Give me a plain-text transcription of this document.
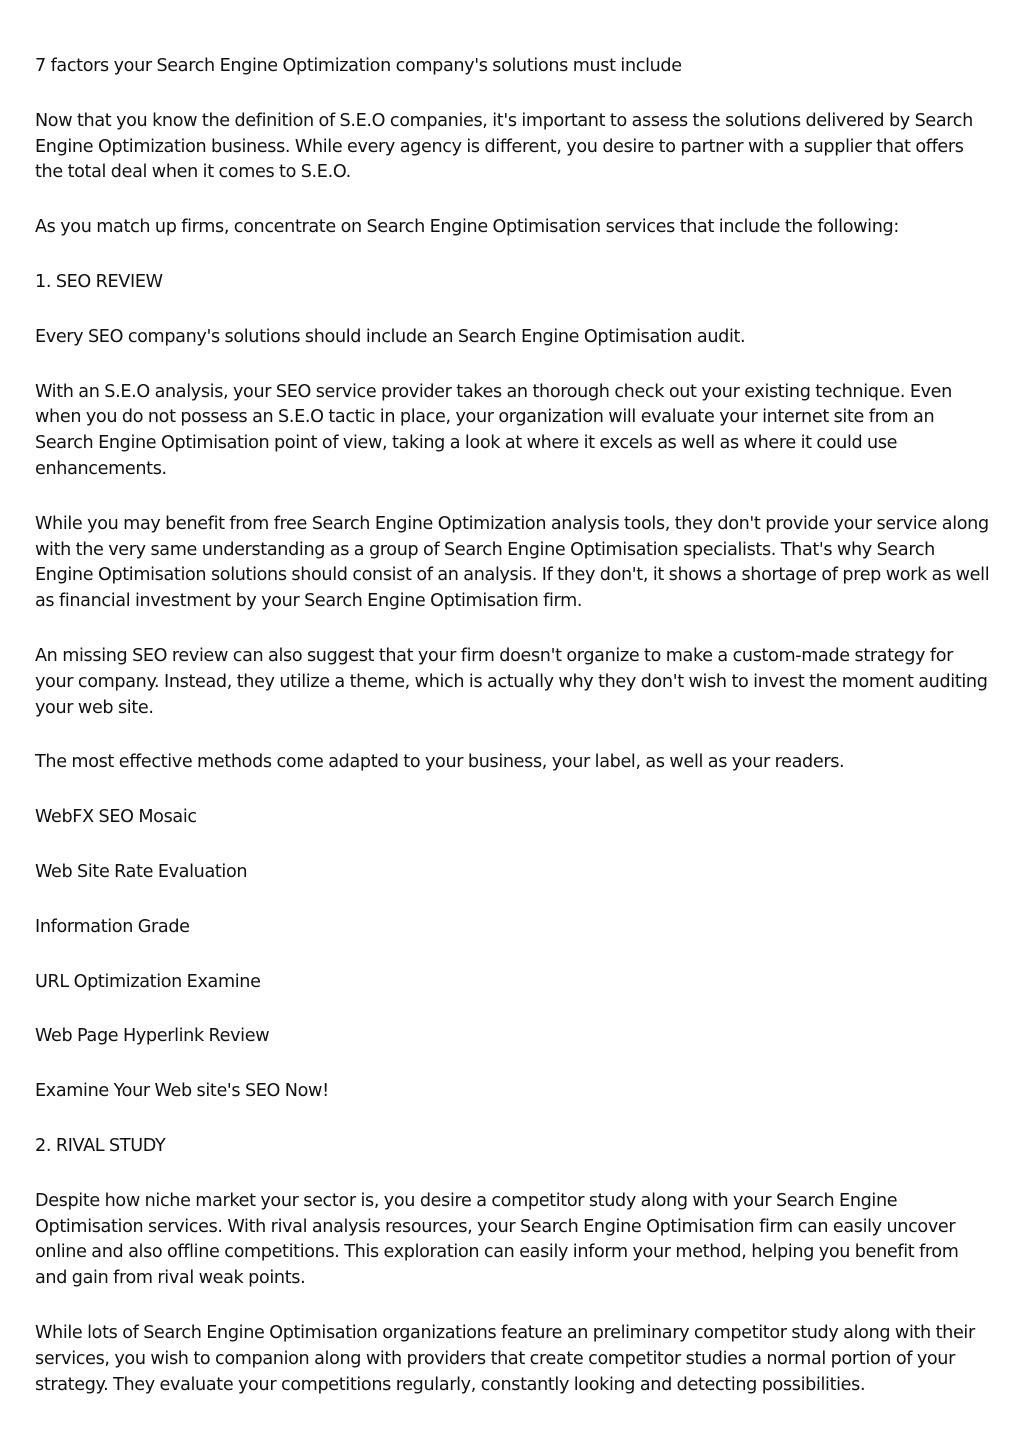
7 factors your Search Engine Optimization company's solutions must include

Now that you know the definition of S.E.O companies, it's important to assess the solutions delivered by Search Engine Optimization business. While every agency is different, you desire to partner with a supplier that offers the total deal when it comes to S.E.O.

As you match up firms, concentrate on Search Engine Optimisation services that include the following:

1. SEO REVIEW

Every SEO company's solutions should include an Search Engine Optimisation audit.

With an S.E.O analysis, your SEO service provider takes an thorough check out your existing technique. Even when you do not possess an S.E.O tactic in place, your organization will evaluate your internet site from an Search Engine Optimisation point of view, taking a look at where it excels as well as where it could use enhancements.

While you may benefit from free Search Engine Optimization analysis tools, they don't provide your service along with the very same understanding as a group of Search Engine Optimisation specialists. That's why Search Engine Optimisation solutions should consist of an analysis. If they don't, it shows a shortage of prep work as well as financial investment by your Search Engine Optimisation firm.

An missing SEO review can also suggest that your firm doesn't organize to make a custom-made strategy for your company. Instead, they utilize a theme, which is actually why they don't wish to invest the moment auditing your web site.

The most effective methods come adapted to your business, your label, as well as your readers.

WebFX SEO Mosaic

Web Site Rate Evaluation

Information Grade

URL Optimization Examine

Web Page Hyperlink Review

Examine Your Web site's SEO Now!

2. RIVAL STUDY

Despite how niche market your sector is, you desire a competitor study along with your Search Engine Optimisation services. With rival analysis resources, your Search Engine Optimisation firm can easily uncover online and also offline competitions. This exploration can easily inform your method, helping you benefit from and gain from rival weak points.

While lots of Search Engine Optimisation organizations feature an preliminary competitor study along with their services, you wish to companion along with providers that create competitor studies a normal portion of your strategy. They evaluate your competitions regularly, constantly looking and detecting possibilities.
